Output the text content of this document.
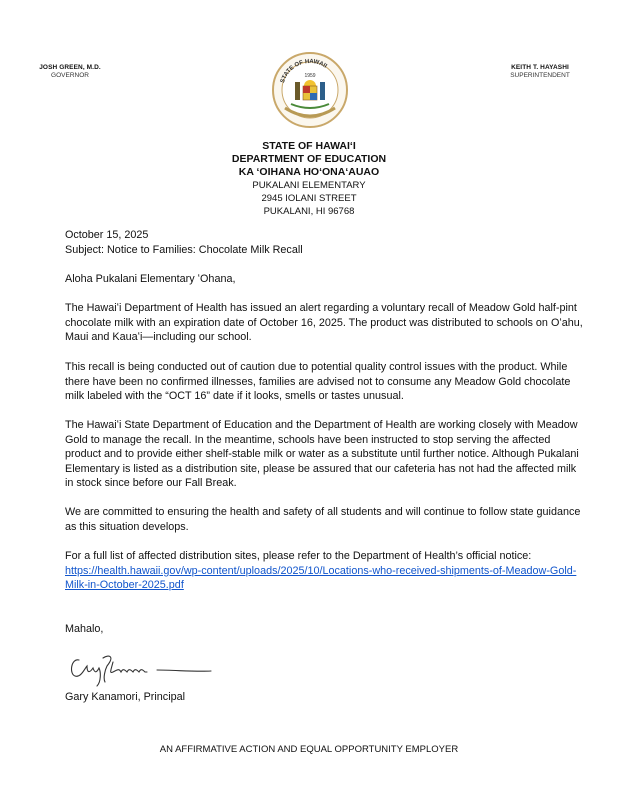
JOSH GREEN, M.D.
GOVERNOR
KEITH T. HAYASHI
SUPERINTENDENT
STATE OF HAWAII
1959
STATE OF HAWAIʻI
DEPARTMENT OF EDUCATION
KA ʻOIHANA HOʻONAʻAUAO
PUKALANI ELEMENTARY
2945 IOLANI STREET
PUKALANI, HI 96768

October 15, 2025

Subject: Notice to Families: Chocolate Milk Recall

Aloha Pukalani Elementary ʻOhana,

The Hawaiʻi Department of Health has issued an alert regarding a voluntary recall of Meadow Gold half-pint chocolate milk with an expiration date of October 16, 2025. The product was distributed to schools on Oʻahu, Maui and Kauaʻi—including our school.

This recall is being conducted out of caution due to potential quality control issues with the product. While there have been no confirmed illnesses, families are advised not to consume any Meadow Gold chocolate milk labeled with the “OCT 16” date if it looks, smells or tastes unusual.

The Hawaiʻi State Department of Education and the Department of Health are working closely with Meadow Gold to manage the recall. In the meantime, schools have been instructed to stop serving the affected product and to provide either shelf-stable milk or water as a substitute until further notice. Although Pukalani Elementary is listed as a distribution site, please be assured that our cafeteria has not had the affected milk in stock since before our Fall Break.

We are committed to ensuring the health and safety of all students and will continue to follow state guidance as this situation develops.

For a full list of affected distribution sites, please refer to the Department of Health’s official notice:

https://health.hawaii.gov/wp-content/uploads/2025/10/Locations-who-received-shipments-of-Meadow-Gold-Milk-in-October-2025.pdf

Mahalo,

Gary Kanamori, Principal

AN AFFIRMATIVE ACTION AND EQUAL OPPORTUNITY EMPLOYER
